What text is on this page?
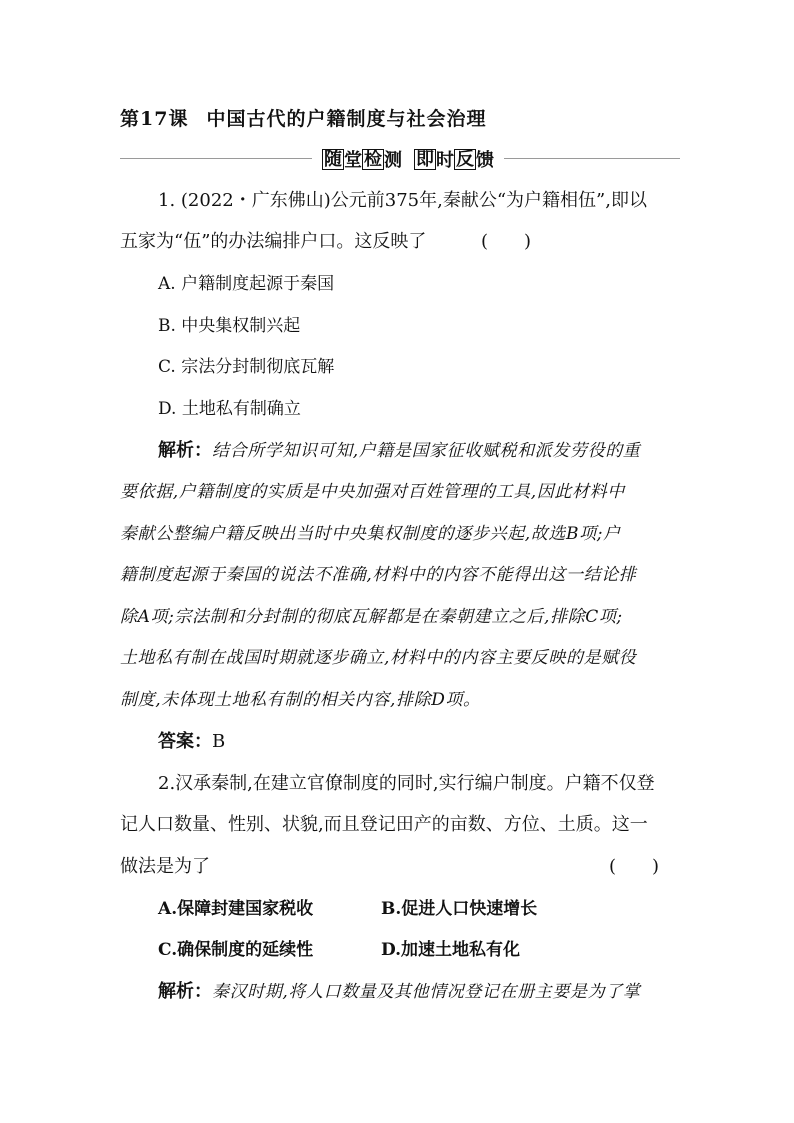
第17课 中国古代的户籍制度与社会治理
随 堂 检 测 即 时 反 馈
1. (2022・广东佛山)公元前375年,秦献公“为户籍相伍”,即以
五家为“伍”的办法编排户口。这反映了	(　　)
A. 户籍制度起源于秦国
B. 中央集权制兴起
C. 宗法分封制彻底瓦解
D. 土地私有制确立
解析：结合所学知识可知,户籍是国家征收赋税和派发劳役的重
要依据,户籍制度的实质是中央加强对百姓管理的工具,因此材料中
秦献公整编户籍反映出当时中央集权制度的逐步兴起,故选B项;户
籍制度起源于秦国的说法不准确,材料中的内容不能得出这一结论排
除A项;宗法制和分封制的彻底瓦解都是在秦朝建立之后,排除C项;
土地私有制在战国时期就逐步确立,材料中的内容主要反映的是赋役
制度,未体现土地私有制的相关内容,排除D项。
答案：B
2.汉承秦制,在建立官僚制度的同时,实行编户制度。户籍不仅登
记人口数量、性别、状貌,而且登记田产的亩数、方位、土质。这一
做法是为了	(　　)
A.保障封建国家税收	B.促进人口快速增长
C.确保制度的延续性	D.加速土地私有化
解析：秦汉时期,将人口数量及其他情况登记在册主要是为了掌
